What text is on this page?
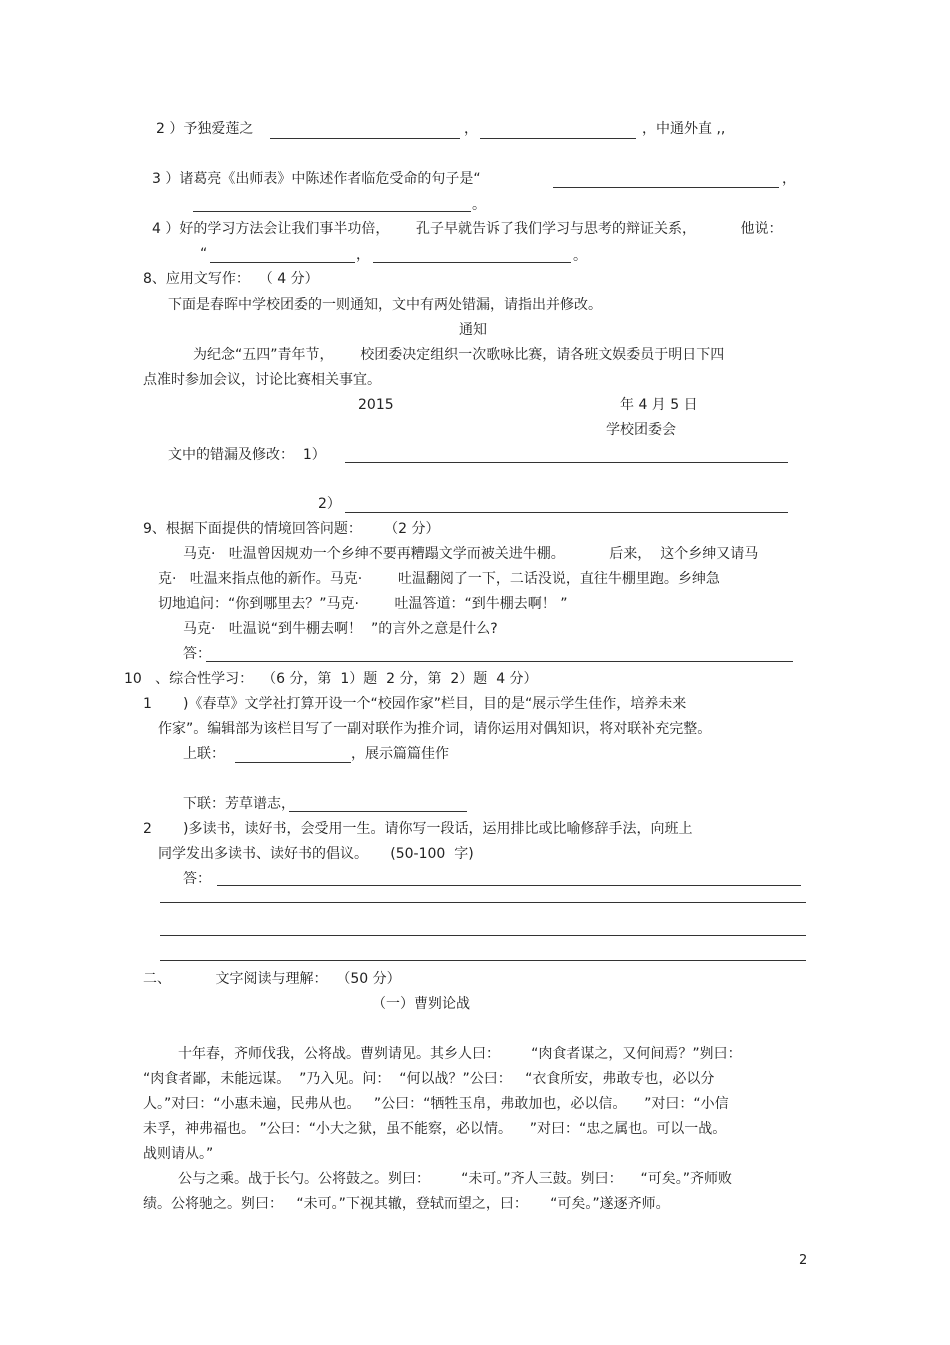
2 ）予独爱莲之	，	，中通外直 ,,
3 ）诸葛亮《出师表》中陈述作者临危受命的句子是“	，
。
4 ）好的学习方法会让我们事半功倍，      孔子早就告诉了我们学习与思考的辩证关系，          他说：
“	，	。
8、应用文写作：  （ 4 分）
下面是春晖中学校团委的一则通知，文中有两处错漏，请指出并修改。
通知
为纪念“五四”青年节，      校团委决定组织一次歌咏比赛，请各班文娱委员于明日下四
点准时参加会议，讨论比赛相关事宜。
2015	年 4 月 5 日
学校团委会
文中的错漏及修改：  1）
2）
9、根据下面提供的情境回答问题：     （2 分）
马克·   吐温曾因规劝一个乡绅不要再糟蹋文学而被关进牛棚。          后来，  这个乡绅又请马
克·   吐温来指点他的新作。马克·        吐温翻阅了一下，二话没说，直往牛棚里跑。乡绅急
切地追问：“你到哪里去？”马克·        吐温答道：“到牛棚去啊！ ”
马克·   吐温说“到牛棚去啊！  ”的言外之意是什么?
答：
10   、综合性学习：  （6 分，第  1）题  2 分，第  2）题  4 分）
1 )《春草》文学社打算开设一个“校园作家”栏目，目的是“展示学生佳作，培养未来
作家”。编辑部为该栏目写了一副对联作为推介词，请你运用对偶知识，将对联补充完整。
上联：	，展示篇篇佳作
下联：芳草谱志，
2 )多读书，读好书，会受用一生。请你写一段话，运用排比或比喻修辞手法，向班上
同学发出多读书、读好书的倡议。     (50-100  字)
答：
二、          文字阅读与理解：  （50 分）
（一）曹刿论战
十年春，齐师伐我，公将战。曹刿请见。其乡人曰：       “肉食者谋之，又何间焉？”刿曰：
“肉食者鄙，未能远谋。  ”乃入见。问：  “何以战？”公曰：   “衣食所安，弗敢专也，必以分
人。”对曰：“小惠未遍，民弗从也。   ”公曰：“牺牲玉帛，弗敢加也，必以信。    ”对曰：“小信
未孚，神弗福也。 ”公曰：“小大之狱，虽不能察，必以情。    ”对曰：“忠之属也。可以一战。
战则请从。”
公与之乘。战于长勺。公将鼓之。刿曰：       “未可。”齐人三鼓。刿曰：    “可矣。”齐师败
绩。公将驰之。刿曰：   “未可。”下视其辙，登轼而望之，曰：     “可矣。”遂逐齐师。
2
